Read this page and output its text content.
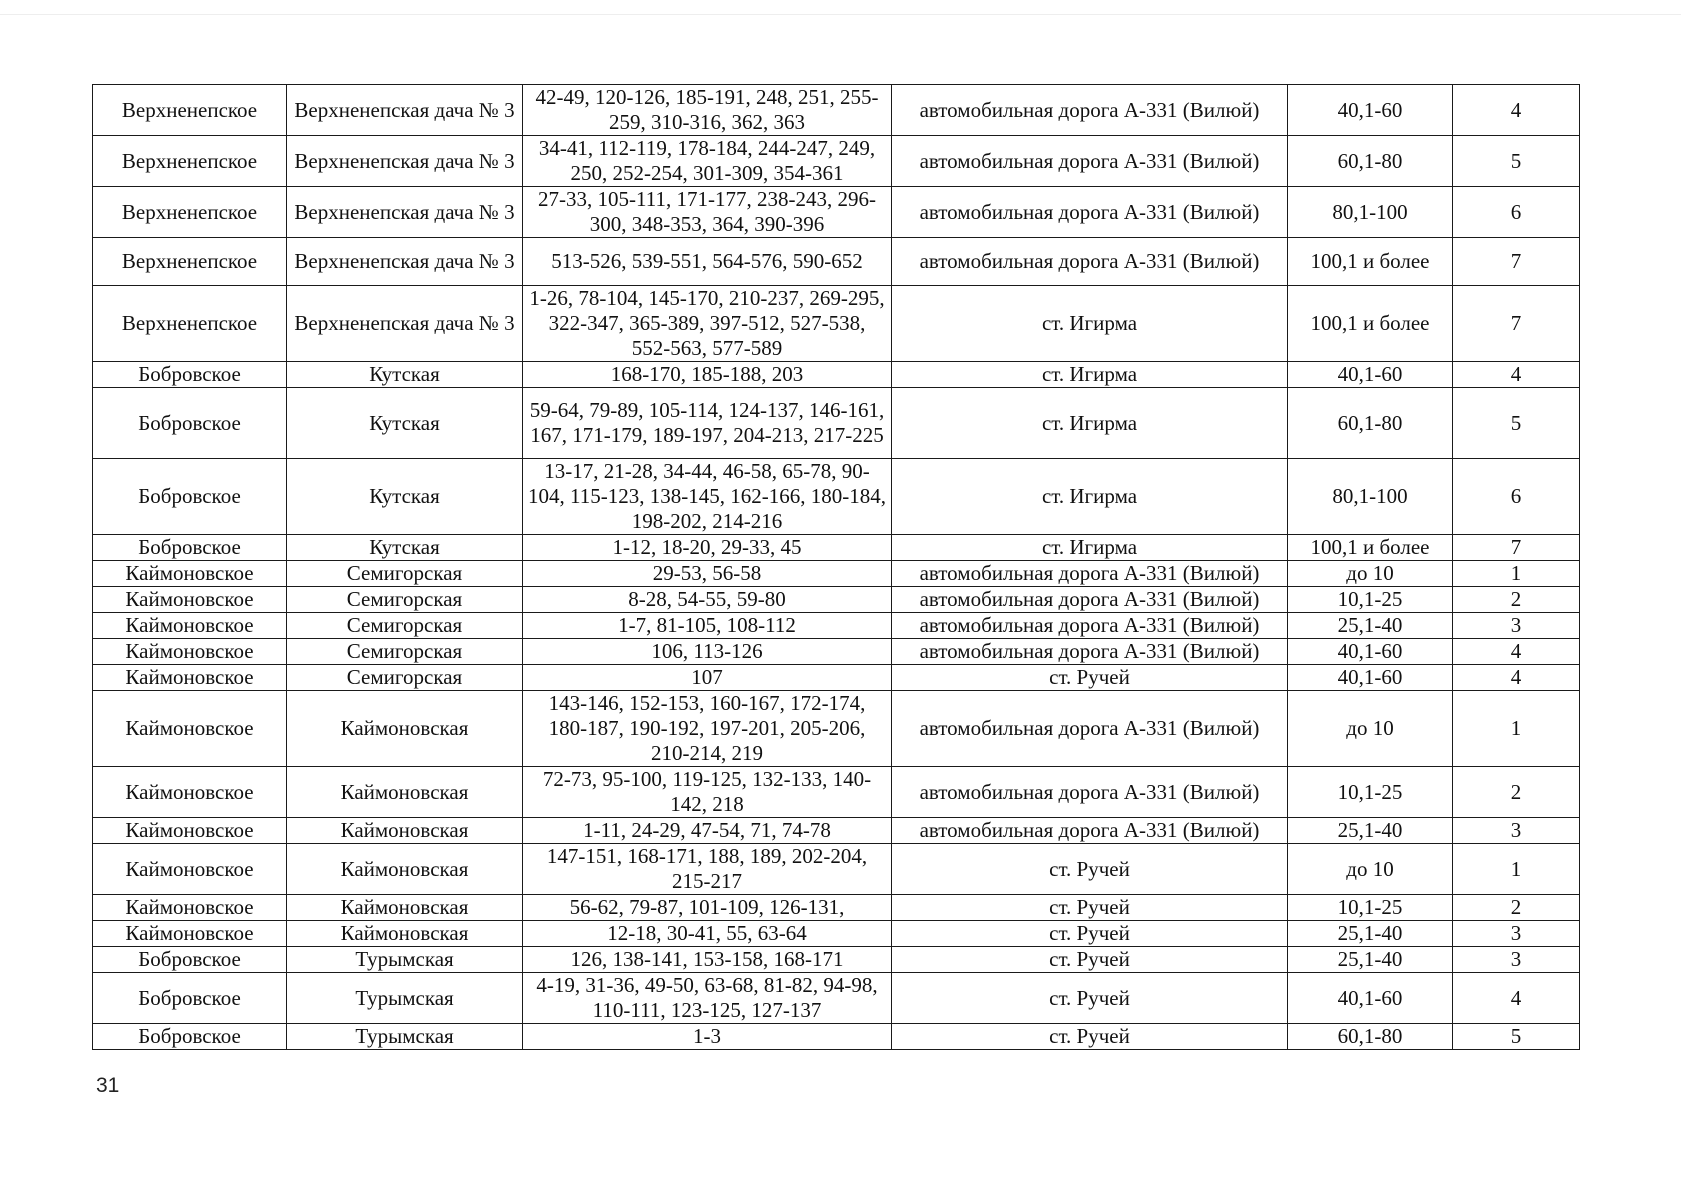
Верхненепское	Верхненепская дача № 3	42-49, 120-126, 185-191, 248, 251, 255-259, 310-316, 362, 363	автомобильная дорога А-331 (Вилюй)	40,1-60	4
Верхненепское	Верхненепская дача № 3	34-41, 112-119, 178-184, 244-247, 249, 250, 252-254, 301-309, 354-361	автомобильная дорога А-331 (Вилюй)	60,1-80	5
Верхненепское	Верхненепская дача № 3	27-33, 105-111, 171-177, 238-243, 296-300, 348-353, 364, 390-396	автомобильная дорога А-331 (Вилюй)	80,1-100	6
Верхненепское	Верхненепская дача № 3	513-526, 539-551, 564-576, 590-652	автомобильная дорога А-331 (Вилюй)	100,1 и более	7
Верхненепское	Верхненепская дача № 3	1-26, 78-104, 145-170, 210-237, 269-295, 322-347, 365-389, 397-512, 527-538, 552-563, 577-589	ст. Игирма	100,1 и более	7
Бобровское	Кутская	168-170, 185-188, 203	ст. Игирма	40,1-60	4
Бобровское	Кутская	59-64, 79-89, 105-114, 124-137, 146-161, 167, 171-179, 189-197, 204-213, 217-225	ст. Игирма	60,1-80	5
Бобровское	Кутская	13-17, 21-28, 34-44, 46-58, 65-78, 90-104, 115-123, 138-145, 162-166, 180-184, 198-202, 214-216	ст. Игирма	80,1-100	6
Бобровское	Кутская	1-12, 18-20, 29-33, 45	ст. Игирма	100,1 и более	7
Каймоновское	Семигорская	29-53, 56-58	автомобильная дорога А-331 (Вилюй)	до 10	1
Каймоновское	Семигорская	8-28, 54-55, 59-80	автомобильная дорога А-331 (Вилюй)	10,1-25	2
Каймоновское	Семигорская	1-7, 81-105, 108-112	автомобильная дорога А-331 (Вилюй)	25,1-40	3
Каймоновское	Семигорская	106, 113-126	автомобильная дорога А-331 (Вилюй)	40,1-60	4
Каймоновское	Семигорская	107	ст. Ручей	40,1-60	4
Каймоновское	Каймоновская	143-146, 152-153, 160-167, 172-174, 180-187, 190-192, 197-201, 205-206, 210-214, 219	автомобильная дорога А-331 (Вилюй)	до 10	1
Каймоновское	Каймоновская	72-73, 95-100, 119-125, 132-133, 140-142, 218	автомобильная дорога А-331 (Вилюй)	10,1-25	2
Каймоновское	Каймоновская	1-11, 24-29, 47-54, 71, 74-78	автомобильная дорога А-331 (Вилюй)	25,1-40	3
Каймоновское	Каймоновская	147-151, 168-171, 188, 189, 202-204, 215-217	ст. Ручей	до 10	1
Каймоновское	Каймоновская	56-62, 79-87, 101-109, 126-131,	ст. Ручей	10,1-25	2
Каймоновское	Каймоновская	12-18, 30-41, 55, 63-64	ст. Ручей	25,1-40	3
Бобровское	Турымская	126, 138-141, 153-158, 168-171	ст. Ручей	25,1-40	3
Бобровское	Турымская	4-19, 31-36, 49-50, 63-68, 81-82, 94-98, 110-111, 123-125, 127-137	ст. Ручей	40,1-60	4
Бобровское	Турымская	1-3	ст. Ручей	60,1-80	5
31
